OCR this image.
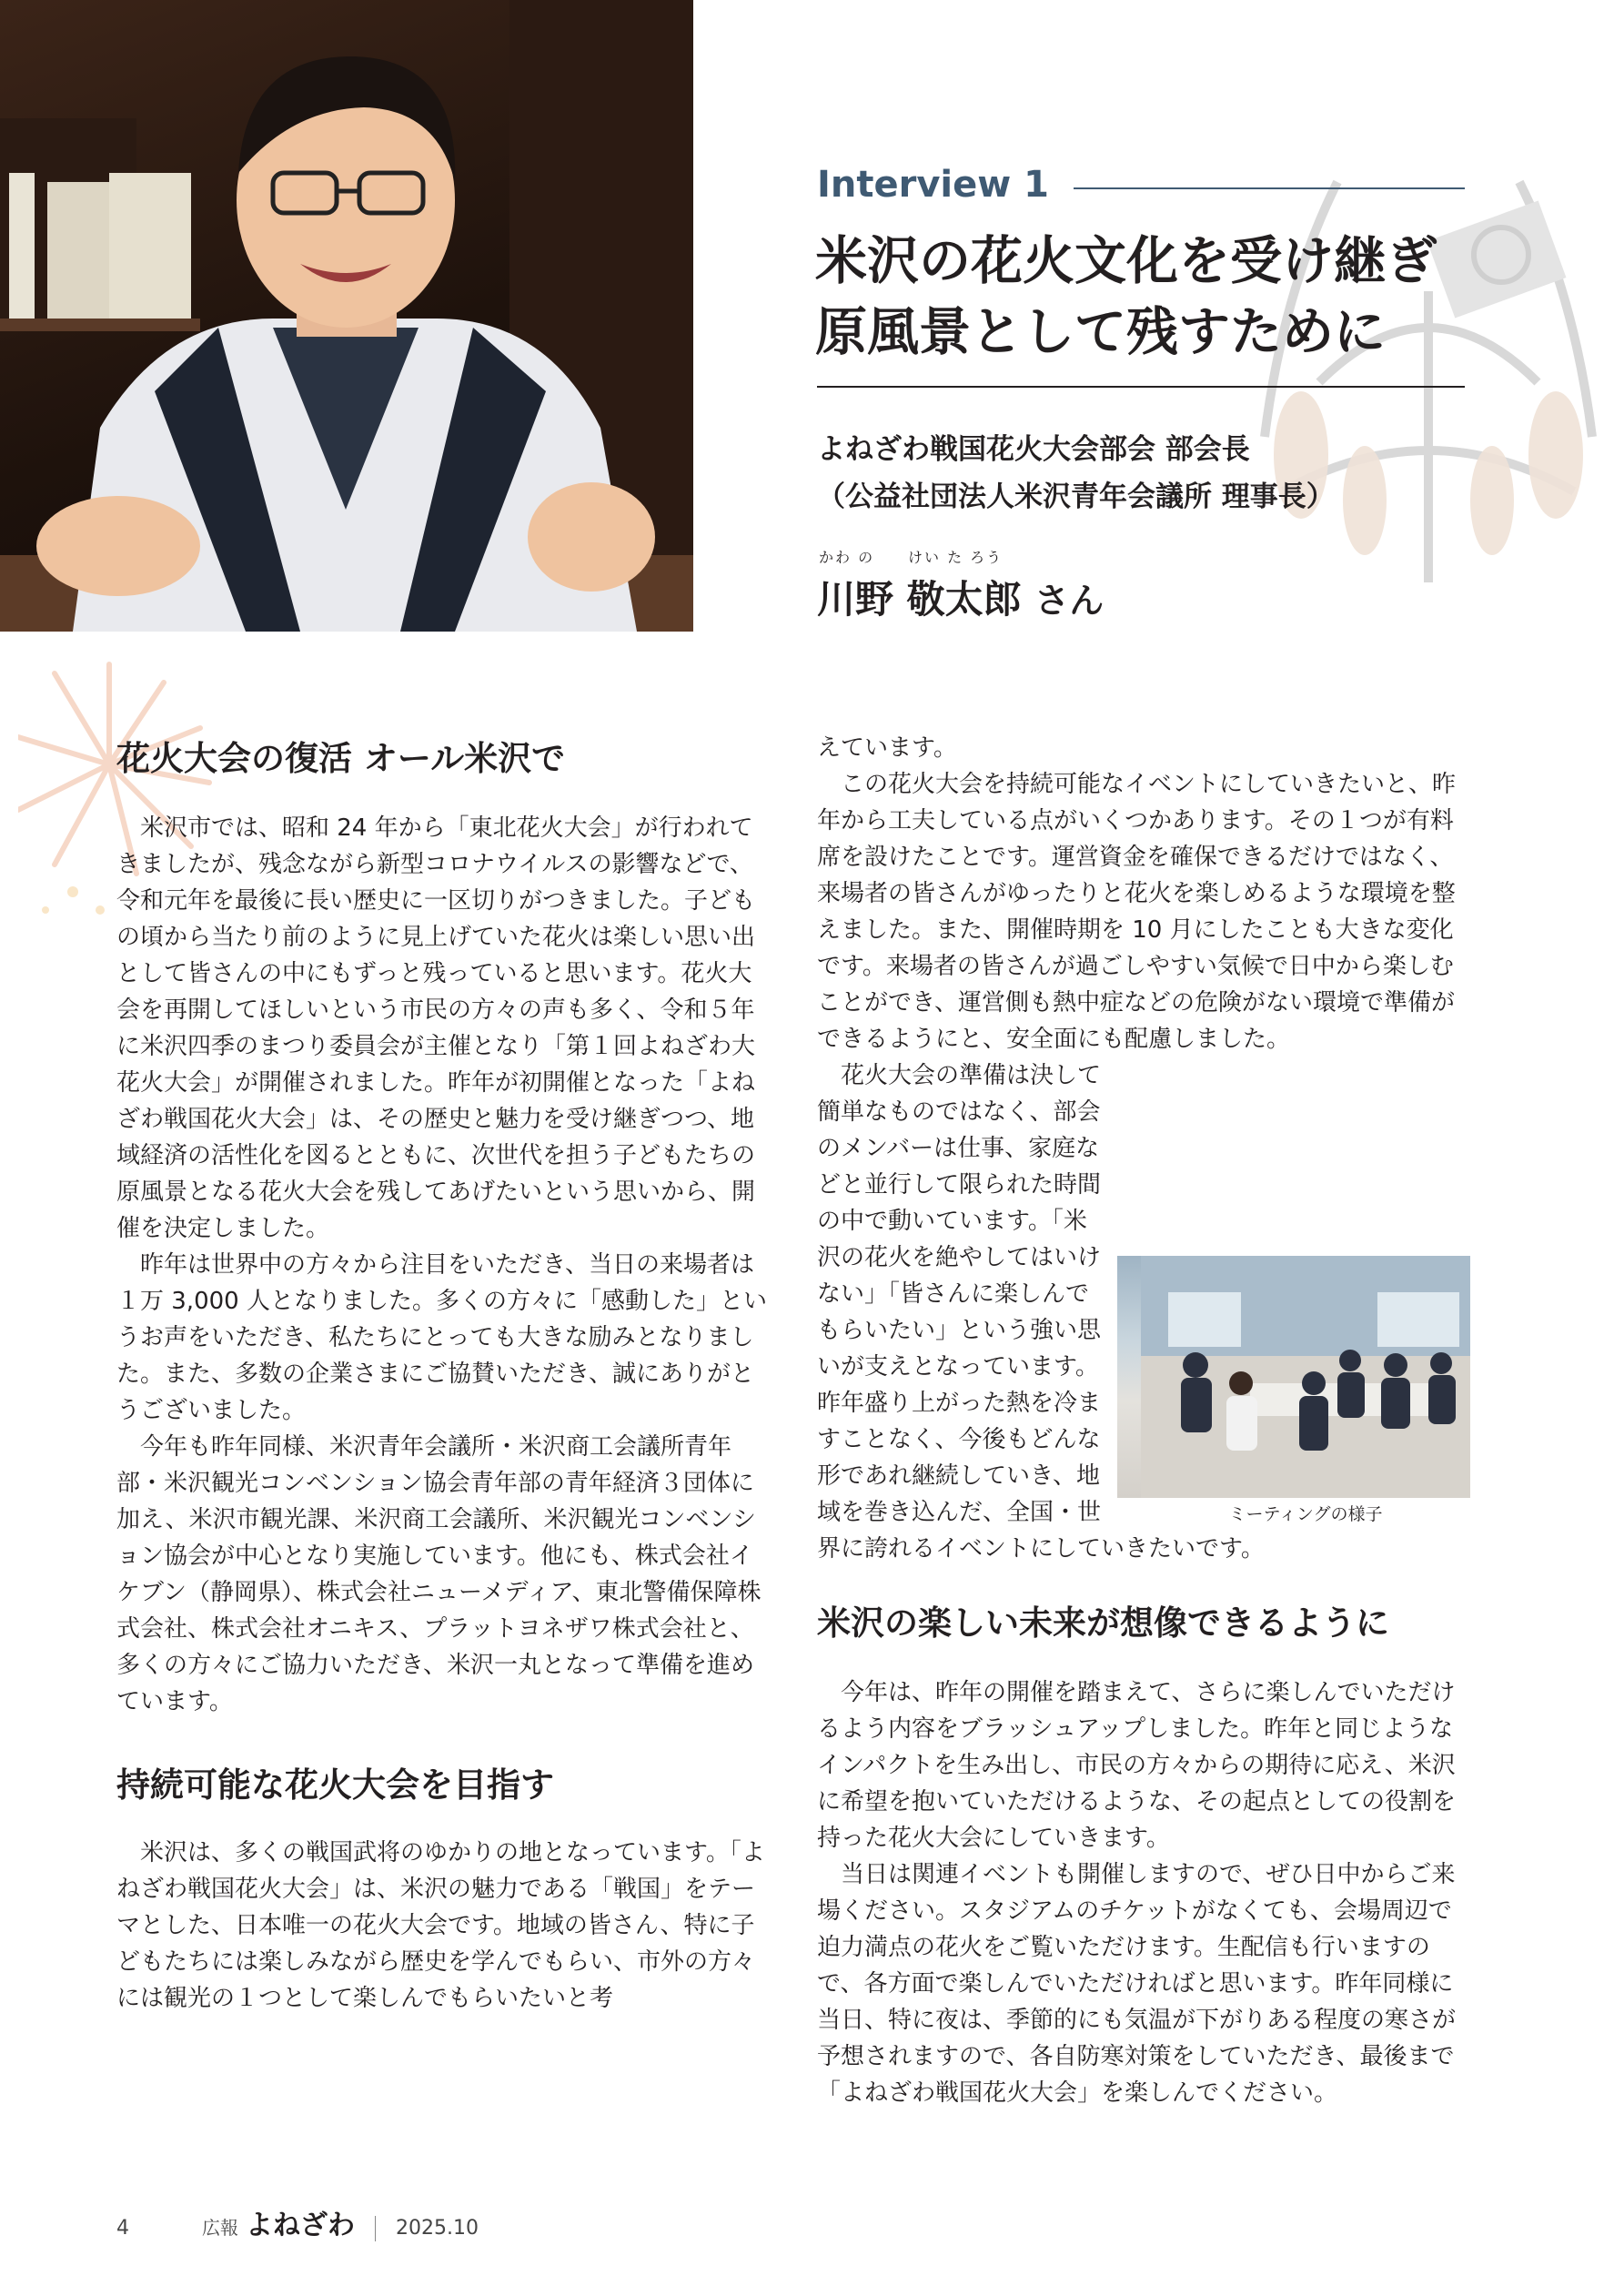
Interview 1
米沢の花火文化を受け継ぎ
原風景として残すために
よねざわ戦国花火大会部会 部会長
（公益社団法人米沢青年会議所 理事長）
かわ の けい た ろう
川野 敬太郎 さん
花火大会の復活 オール米沢で

米沢市では、昭和 24 年から「東北花火大会」が行われてきましたが、残念ながら新型コロナウイルスの影響などで、令和元年を最後に長い歴史に一区切りがつきました。子どもの頃から当たり前のように見上げていた花火は楽しい思い出として皆さんの中にもずっと残っていると思います。花火大会を再開してほしいという市民の方々の声も多く、令和５年に米沢四季のまつり委員会が主催となり「第１回よねざわ大花火大会」が開催されました。昨年が初開催となった「よねざわ戦国花火大会」は、その歴史と魅力を受け継ぎつつ、地域経済の活性化を図るとともに、次世代を担う子どもたちの原風景となる花火大会を残してあげたいという思いから、開催を決定しました。

昨年は世界中の方々から注目をいただき、当日の来場者は１万 3,000 人となりました。多くの方々に「感動した」というお声をいただき、私たちにとっても大きな励みとなりました。また、多数の企業さまにご協賛いただき、誠にありがとうございました。

今年も昨年同様、米沢青年会議所・米沢商工会議所青年部・米沢観光コンベンション協会青年部の青年経済３団体に加え、米沢市観光課、米沢商工会議所、米沢観光コンベンション協会が中心となり実施しています。他にも、株式会社イケブン（静岡県）、株式会社ニューメディア、東北警備保障株式会社、株式会社オニキス、プラットヨネザワ株式会社と、多くの方々にご協力いただき、米沢一丸となって準備を進めています。

持続可能な花火大会を目指す

米沢は、多くの戦国武将のゆかりの地となっています。「よねざわ戦国花火大会」は、米沢の魅力である「戦国」をテーマとした、日本唯一の花火大会です。地域の皆さん、特に子どもたちには楽しみながら歴史を学んでもらい、市外の方々には観光の１つとして楽しんでもらいたいと考

えています。

この花火大会を持続可能なイベントにしていきたいと、昨年から工夫している点がいくつかあります。その１つが有料席を設けたことです。運営資金を確保できるだけではなく、来場者の皆さんがゆったりと花火を楽しめるような環境を整えました。また、開催時期を 10 月にしたことも大きな変化です。来場者の皆さんが過ごしやすい気候で日中から楽しむことができ、運営側も熱中症などの危険がない環境で準備ができるようにと、安全面にも配慮しました。

ミーティングの様子
花火大会の準備は決して簡単なものではなく、部会のメンバーは仕事、家庭などと並行して限られた時間の中で動いています。「米沢の花火を絶やしてはいけない」「皆さんに楽しんでもらいたい」という強い思いが支えとなっています。昨年盛り上がった熱を冷ますことなく、今後もどんな形であれ継続していき、地域を巻き込んだ、全国・世界に誇れるイベントにしていきたいです。

米沢の楽しい未来が想像できるように

今年は、昨年の開催を踏まえて、さらに楽しんでいただけるよう内容をブラッシュアップしました。昨年と同じようなインパクトを生み出し、市民の方々からの期待に応え、米沢に希望を抱いていただけるような、その起点としての役割を持った花火大会にしていきます。

当日は関連イベントも開催しますので、ぜひ日中からご来場ください。スタジアムのチケットがなくても、会場周辺で迫力満点の花火をご覧いただけます。生配信も行いますので、各方面で楽しんでいただければと思います。昨年同様に当日、特に夜は、季節的にも気温が下がりある程度の寒さが予想されますので、各自防寒対策をしていただき、最後まで「よねざわ戦国花火大会」を楽しんでください。

4	広報 よねざわ 2025.10
